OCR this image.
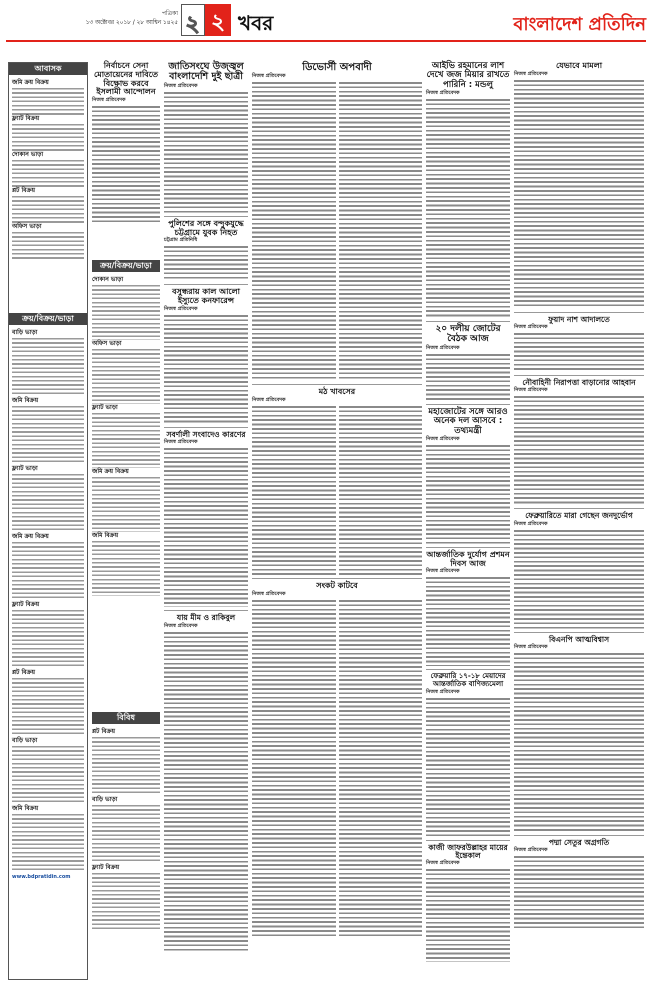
পত্রিকা
১৩ অক্টোবর ২০১৮ / ২৮ আশ্বিন ১৪২৫ ২ ২ খবর	বাংলাদেশ প্রতিদিন
আবাসক
জমি ক্রয় বিক্রয়
ফ্ল্যাট বিক্রয়
দোকান ভাড়া
প্লট বিক্রয়
অফিস ভাড়া
ক্রয়/বিক্রয়/ভাড়া
বাড়ি ভাড়া
জমি বিক্রয়
ফ্ল্যাট ভাড়া
জমি ক্রয় বিক্রয়
ফ্ল্যাট বিক্রয়
প্লট বিক্রয়
বাড়ি ভাড়া
জমি বিক্রয়
www.bdpratidin.com
নির্বাচনে সেনা মোতায়েনের দাবিতে বিক্ষোভ করবে ইসলামী আন্দোলন
নিজস্ব প্রতিবেদক
ক্রয়/বিক্রয়/ভাড়া
দোকান ভাড়া
অফিস ভাড়া
ফ্ল্যাট ভাড়া
জমি ক্রয় বিক্রয়
জমি বিক্রয়
বিবিধ
প্লট বিক্রয়
বাড়ি ভাড়া
ফ্ল্যাট বিক্রয়
জাতিসংঘে উজ্জ্বল বাংলাদেশি দুই ছাত্রী
নিজস্ব প্রতিবেদক
পুলিশের সঙ্গে বন্দুকযুদ্ধে চট্টগ্রামে যুবক নিহত
চট্টগ্রাম প্রতিনিধি
বসুন্ধরায় কাল আলো ইস্যুতে কনফারেন্স
নিজস্ব প্রতিবেদক
সবর্ণালী সংবাদেও কারণের
নিজস্ব প্রতিবেদক
যায় মীম ও রাকিবুল
নিজস্ব প্রতিবেদক
ডিভোর্সী অপবাদী
নিজস্ব প্রতিবেদক
মঠ খাবসের
নিজস্ব প্রতিবেদক
সংকট কাটবে
নিজস্ব প্রতিবেদক
আইভি রহমানের লাশ দেখে জজ মিয়ার রাখতে পারিনি : মন্ডলু
নিজস্ব প্রতিবেদক
২০ দলীয় জোটের বৈঠক আজ
নিজস্ব প্রতিবেদক
মহাজোটের সঙ্গে আরও অনেক দল আসবে : তথ্যমন্ত্রী
নিজস্ব প্রতিবেদক
আন্তর্জাতিক দুর্যোগ প্রশমন দিবস আজ
নিজস্ব প্রতিবেদক
ফেব্রুয়ারি ১৭-১৮ মেয়াদের আন্তর্জাতিক বাণিজ্যমেলা
নিজস্ব প্রতিবেদক
কাজী জাফরউল্লাহর মায়ের ইন্তেকাল
নিজস্ব প্রতিবেদক
যেভাবে মামলা
নিজস্ব প্রতিবেদক
ফুয়াদ নাশ আদালতে
নিজস্ব প্রতিবেদক
নৌবাহিনী নিরাপত্তা বাড়ানোর আহবান
নিজস্ব প্রতিবেদক
ফেব্রুয়ারিতে মারা গেছেন জনদুর্ভোগ
নিজস্ব প্রতিবেদক
বিএনপি আত্মবিশ্বাস
নিজস্ব প্রতিবেদক
পদ্মা সেতুর অগ্রগতি
নিজস্ব প্রতিবেদক
